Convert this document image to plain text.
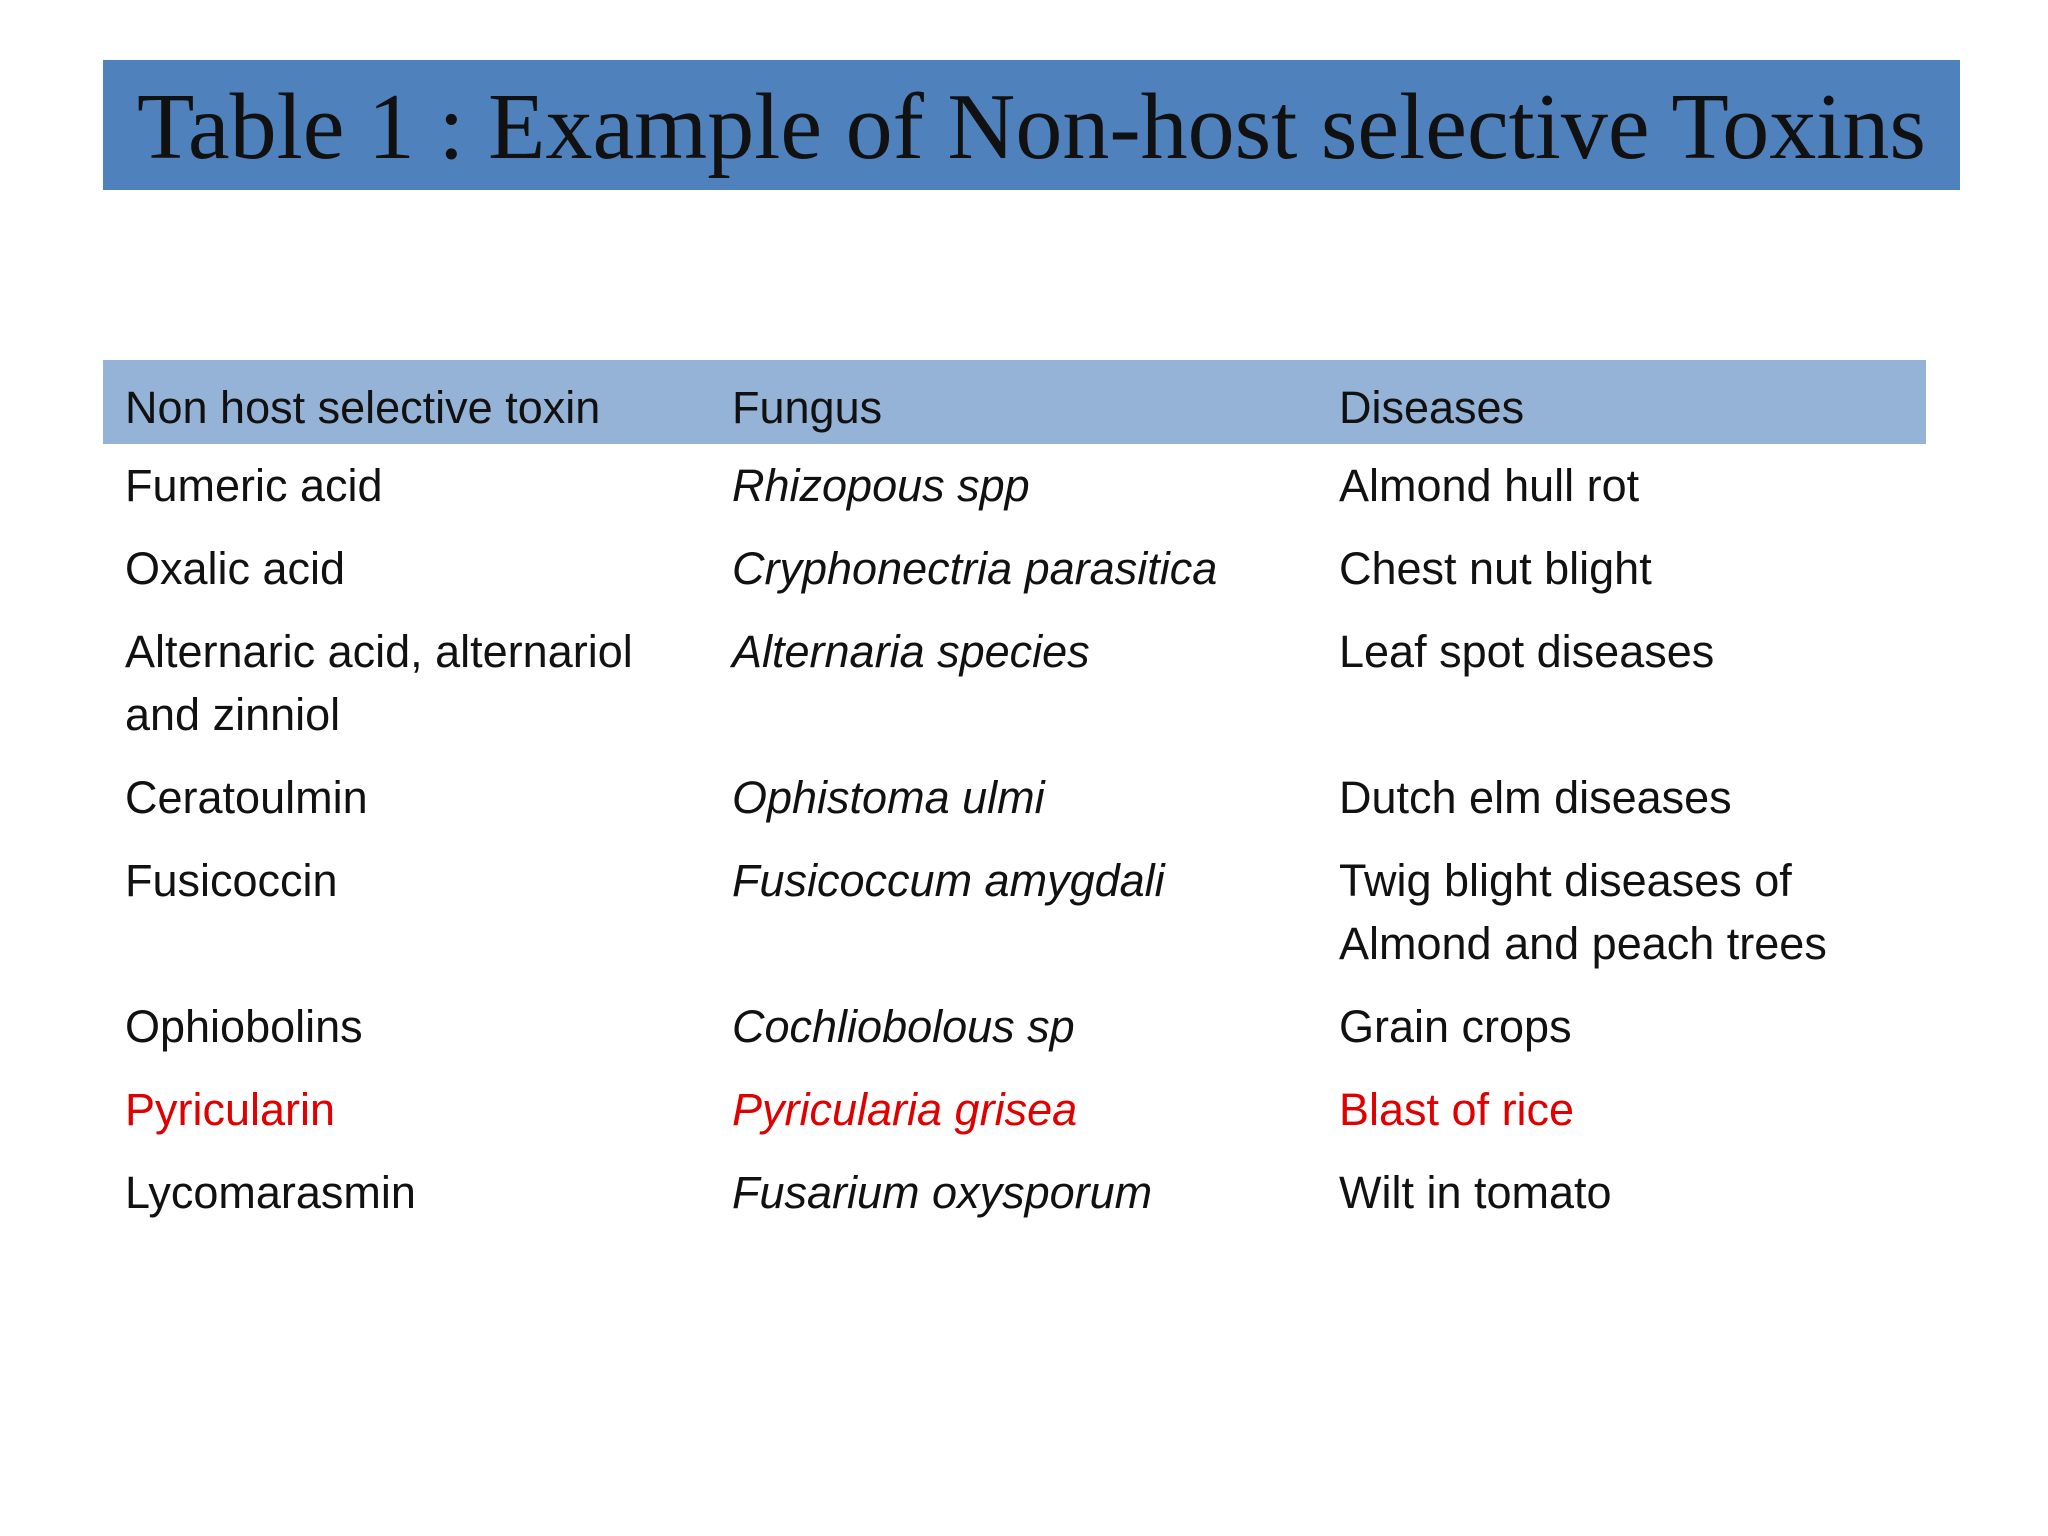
Table 1 : Example of Non-host selective Toxins
Non host selective toxin	Fungus	Diseases
Fumeric acid	Rhizopous spp	Almond hull rot
Oxalic acid	Cryphonectria parasitica	Chest nut blight
Alternaric acid, alternariol and zinniol	Alternaria species	Leaf spot diseases
Ceratoulmin	Ophistoma ulmi	Dutch elm diseases
Fusicoccin	Fusicoccum amygdali	Twig blight diseases of Almond and peach trees
Ophiobolins	Cochliobolous sp	Grain crops
Pyricularin	Pyricularia grisea	Blast of rice
Lycomarasmin	Fusarium oxysporum	Wilt in tomato
